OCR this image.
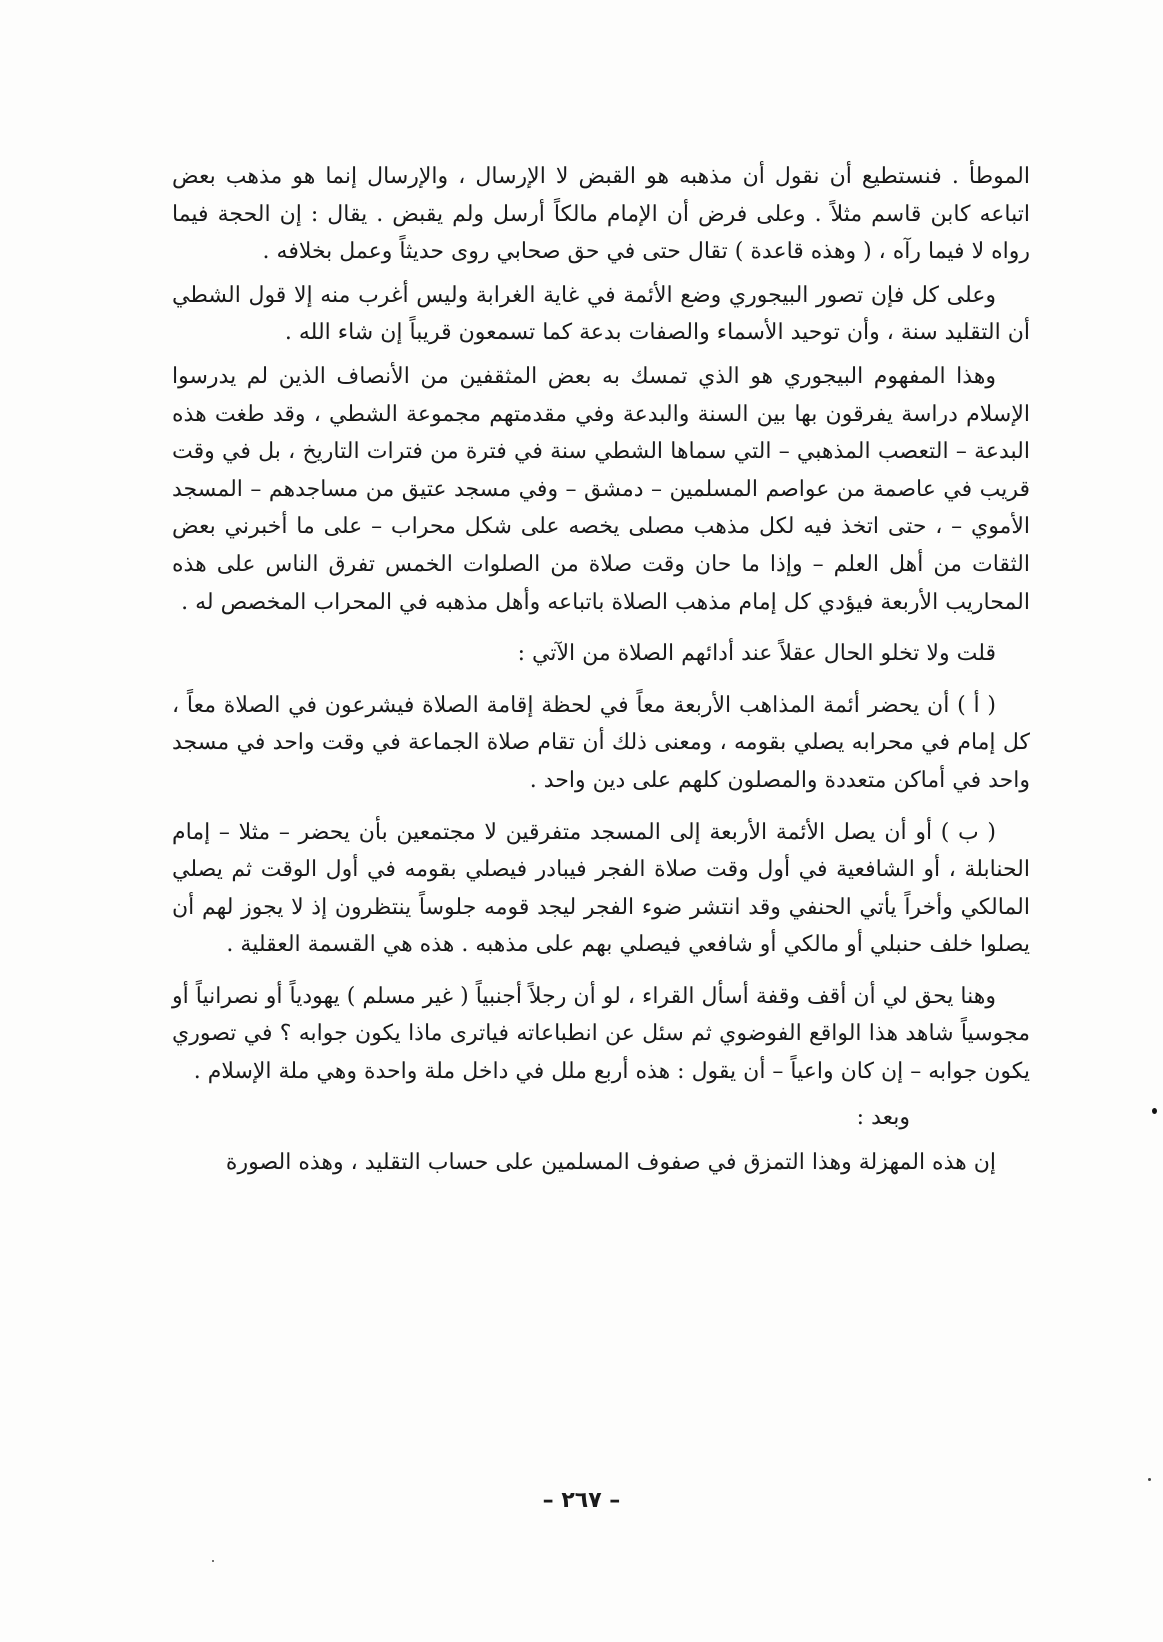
الموطأ . فنستطيع أن نقول أن مذهبه هو القبض لا الإرسال ، والإرسال إنما هو مذهب بعض اتباعه كابن قاسم مثلاً . وعلى فرض أن الإمام مالكاً أرسل ولم يقبض . يقال : إن الحجة فيما رواه لا فيما رآه ، ( وهذه قاعدة ) تقال حتى في حق صحابي روى حديثاً وعمل بخلافه .

وعلى كل فإن تصور البيجوري وضع الأئمة في غاية الغرابة وليس أغرب منه إلا قول الشطي أن التقليد سنة ، وأن توحيد الأسماء والصفات بدعة كما تسمعون قريباً إن شاء الله .

وهذا المفهوم البيجوري هو الذي تمسك به بعض المثقفين من الأنصاف الذين لم يدرسوا الإسلام دراسة يفرقون بها بين السنة والبدعة وفي مقدمتهم مجموعة الشطي ، وقد طغت هذه البدعة – التعصب المذهبي – التي سماها الشطي سنة في فترة من فترات التاريخ ، بل في وقت قريب في عاصمة من عواصم المسلمين – دمشق – وفي مسجد عتيق من مساجدهم – المسجد الأموي – ، حتى اتخذ فيه لكل مذهب مصلى يخصه على شكل محراب – على ما أخبرني بعض الثقات من أهل العلم – وإذا ما حان وقت صلاة من الصلوات الخمس تفرق الناس على هذه المحاريب الأربعة فيؤدي كل إمام مذهب الصلاة باتباعه وأهل مذهبه في المحراب المخصص له .

قلت ولا تخلو الحال عقلاً عند أدائهم الصلاة من الآتي :

( أ ) أن يحضر أئمة المذاهب الأربعة معاً في لحظة إقامة الصلاة فيشرعون في الصلاة معاً ، كل إمام في محرابه يصلي بقومه ، ومعنى ذلك أن تقام صلاة الجماعة في وقت واحد في مسجد واحد في أماكن متعددة والمصلون كلهم على دين واحد .

( ب ) أو أن يصل الأئمة الأربعة إلى المسجد متفرقين لا مجتمعين بأن يحضر – مثلا – إمام الحنابلة ، أو الشافعية في أول وقت صلاة الفجر فيبادر فيصلي بقومه في أول الوقت ثم يصلي المالكي وأخراً يأتي الحنفي وقد انتشر ضوء الفجر ليجد قومه جلوساً ينتظرون إذ لا يجوز لهم أن يصلوا خلف حنبلي أو مالكي أو شافعي فيصلي بهم على مذهبه . هذه هي القسمة العقلية .

وهنا يحق لي أن أقف وقفة أسأل القراء ، لو أن رجلاً أجنبياً ( غير مسلم ) يهودياً أو نصرانياً أو مجوسياً شاهد هذا الواقع الفوضوي ثم سئل عن انطباعاته فياترى ماذا يكون جوابه ؟ في تصوري يكون جوابه – إن كان واعياً – أن يقول : هذه أربع ملل في داخل ملة واحدة وهي ملة الإسلام .

وبعد :

إن هذه المهزلة وهذا التمزق في صفوف المسلمين على حساب التقليد ، وهذه الصورة

– ٢٦٧ –
